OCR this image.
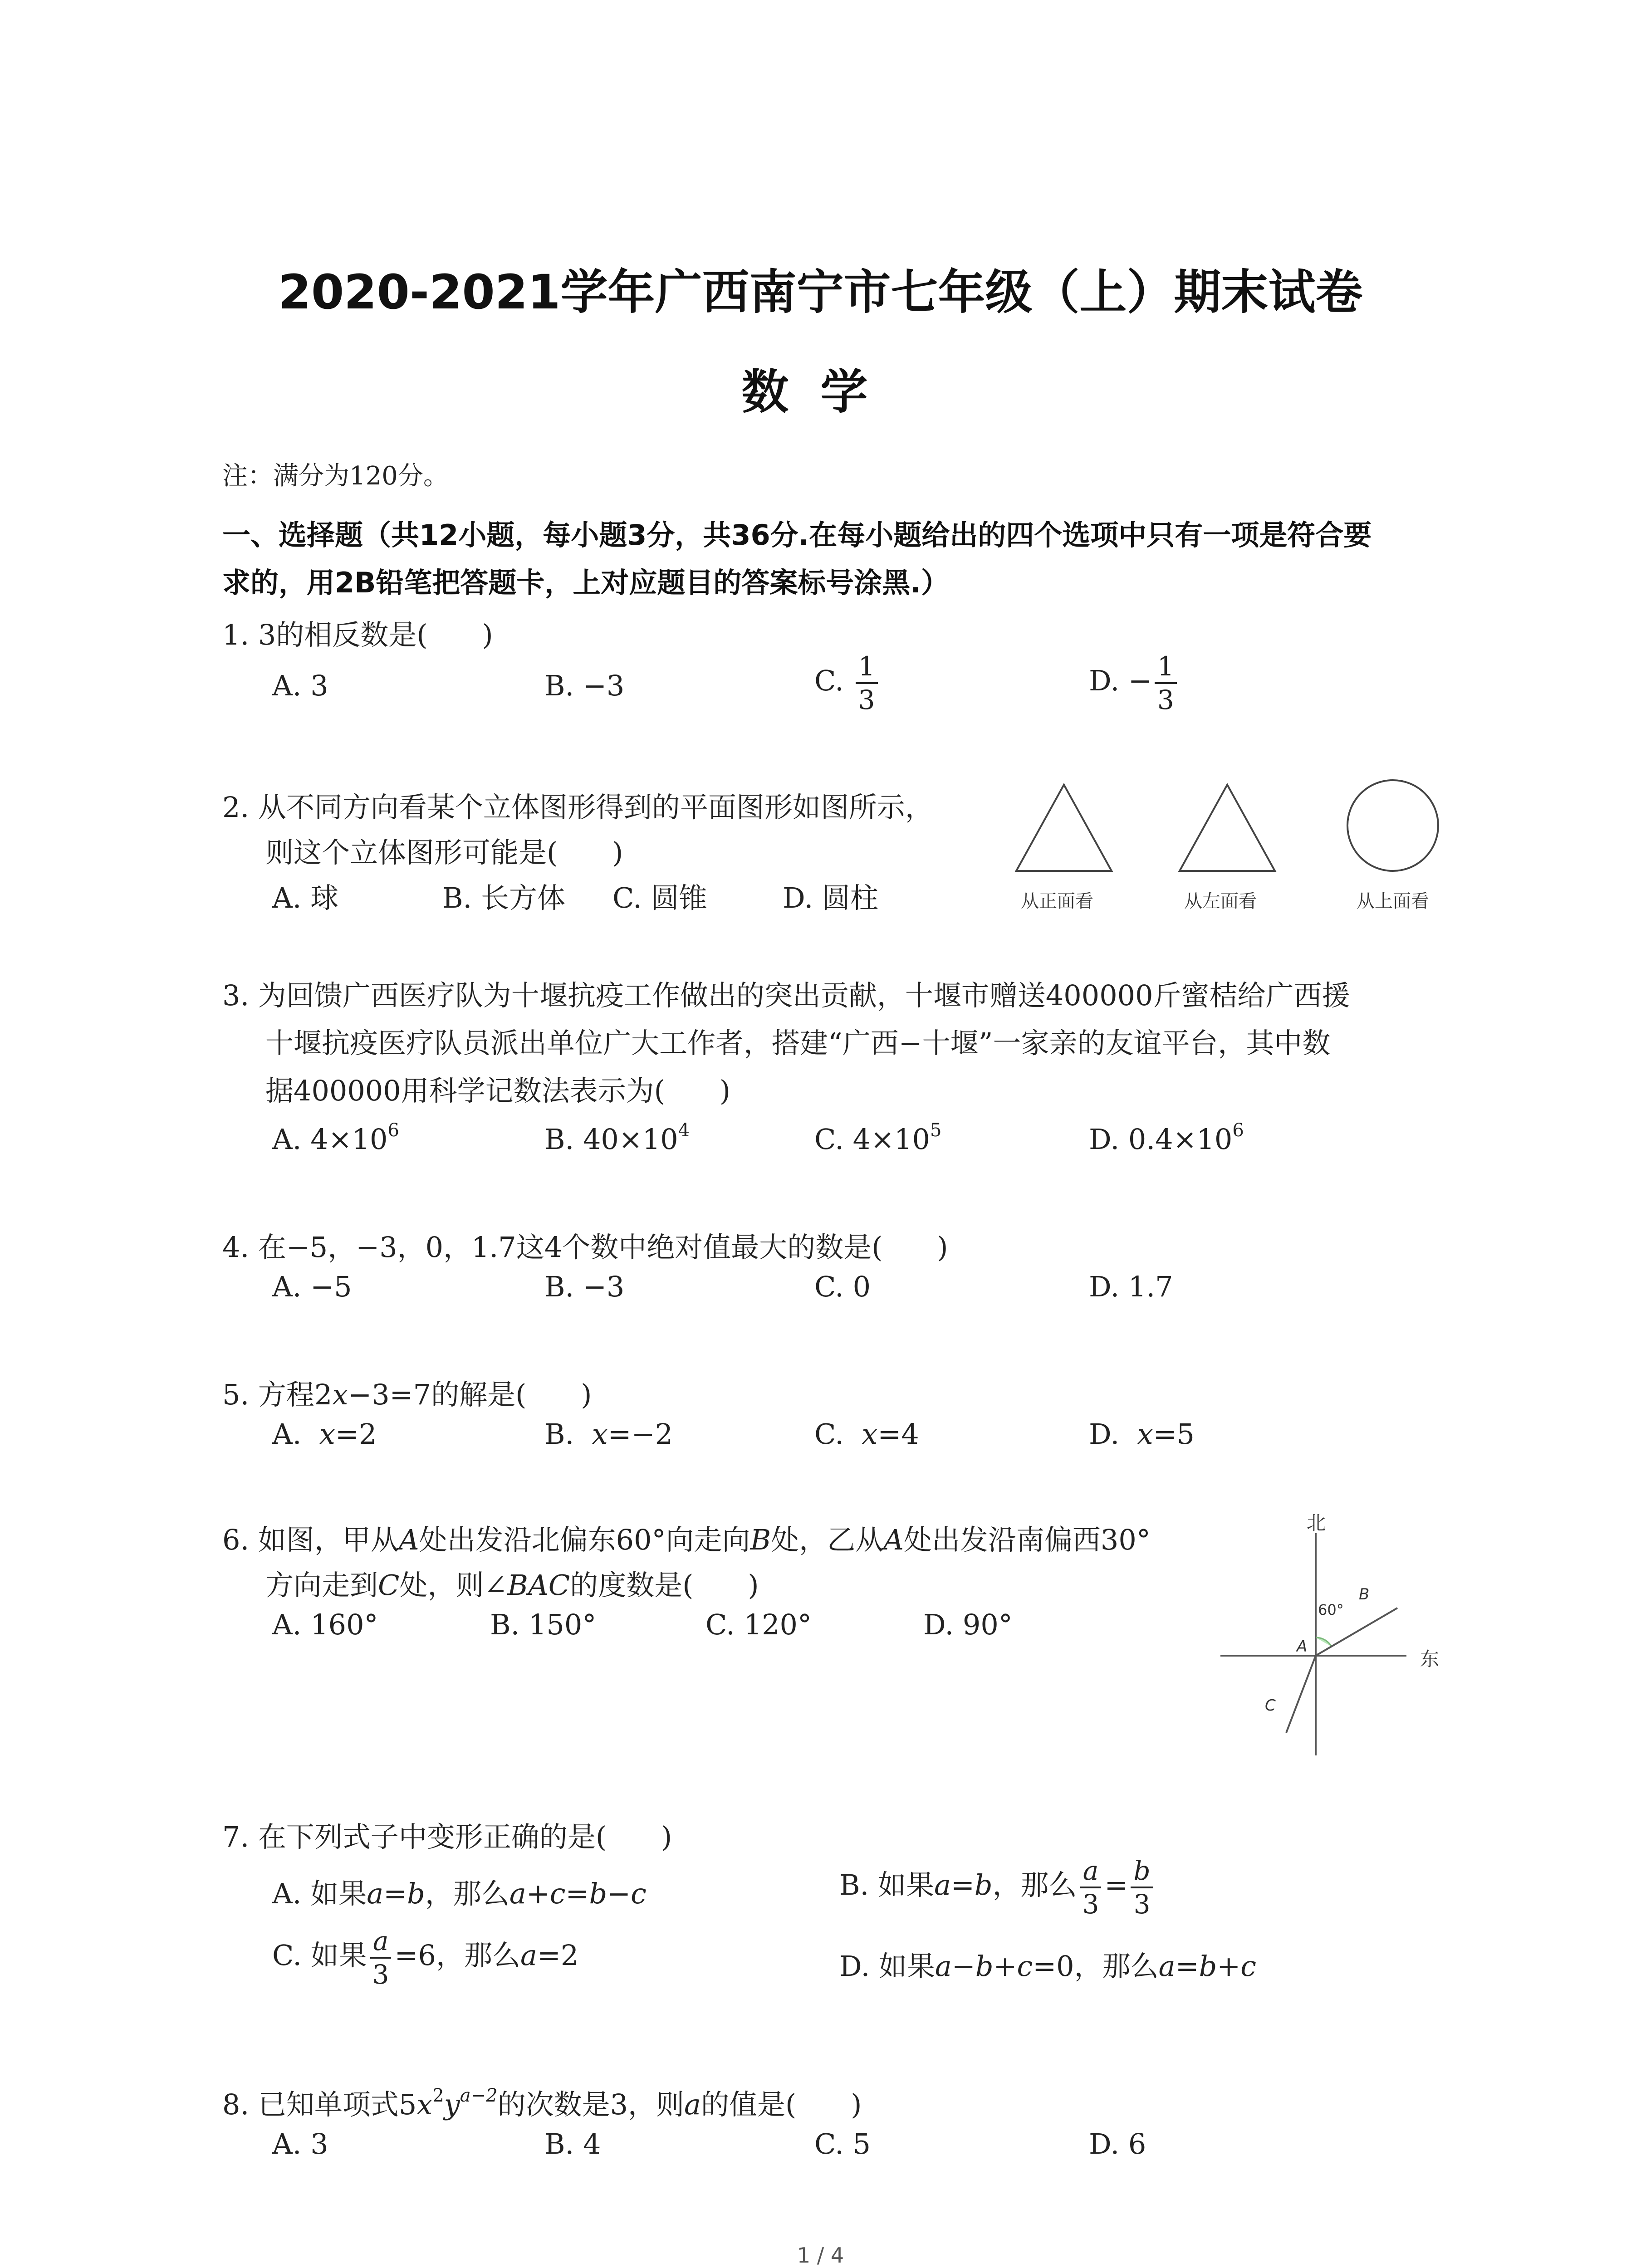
2020-2021学年广西南宁市七年级（上）期末试卷
数学
注：满分为120分。
一、选择题（共12小题，每小题3分，共36分.在每小题给出的四个选项中只有一项是符合要
求的，用2B铅笔把答题卡，上对应题目的答案标号涂黑.）
1. 3的相反数是( )
A. 3	B. −3	C. $\frac{1}{3}$	D. − $\frac{1}{3}$
2. 从不同方向看某个立体图形得到的平面图形如图所示，
则这个立体图形可能是( )
A. 球	B. 长方体 C. 圆锥	D. 圆柱	从正面看	从左面看	从上面看
3. 为回馈广西医疗队为十堰抗疫工作做出的突出贡献，十堰市赠送400000斤蜜桔给广西援
十堰抗疫医疗队员派出单位广大工作者，搭建“广西−十堰”一家亲的友谊平台，其中数
据400000用科学记数法表示为( )
A. $4\times 10^6$	B. $40\times 10^4$	C. $4\times 10^5$	D. $0.4\times 10^6$
4. 在−5，−3，0，1.7这4个数中绝对值最大的数是( )
A. −5	B. −3	C. 0	D. 1.7
5. 方程2x−3=7的解是( )
A. x=2	B. x=−2	C. x=4	D. x=5
6. 如图，甲从A处出发沿北偏东60°向走向B处，乙从A处出发沿南偏西30°
方向走到C处，则∠BAC的度数是( )
A. 160°	B. 150°	C. 120°	D. 90°
北
东
60°
A
B
C
7. 在下列式子中变形正确的是( )
A. 如果a=b，那么a+c=b−c	B. 如果a=b，那么 $\frac{a}{3} = \frac{b}{3}$
C. 如果 $\frac{a}{3} =6$，那么a=2	D. 如果a−b+c=0，那么a=b+c
8. 已知单项式$5x^2y^{a-2}$的次数是3，则a的值是( )
A. 3	B. 4	C. 5	D. 6
1 / 4
